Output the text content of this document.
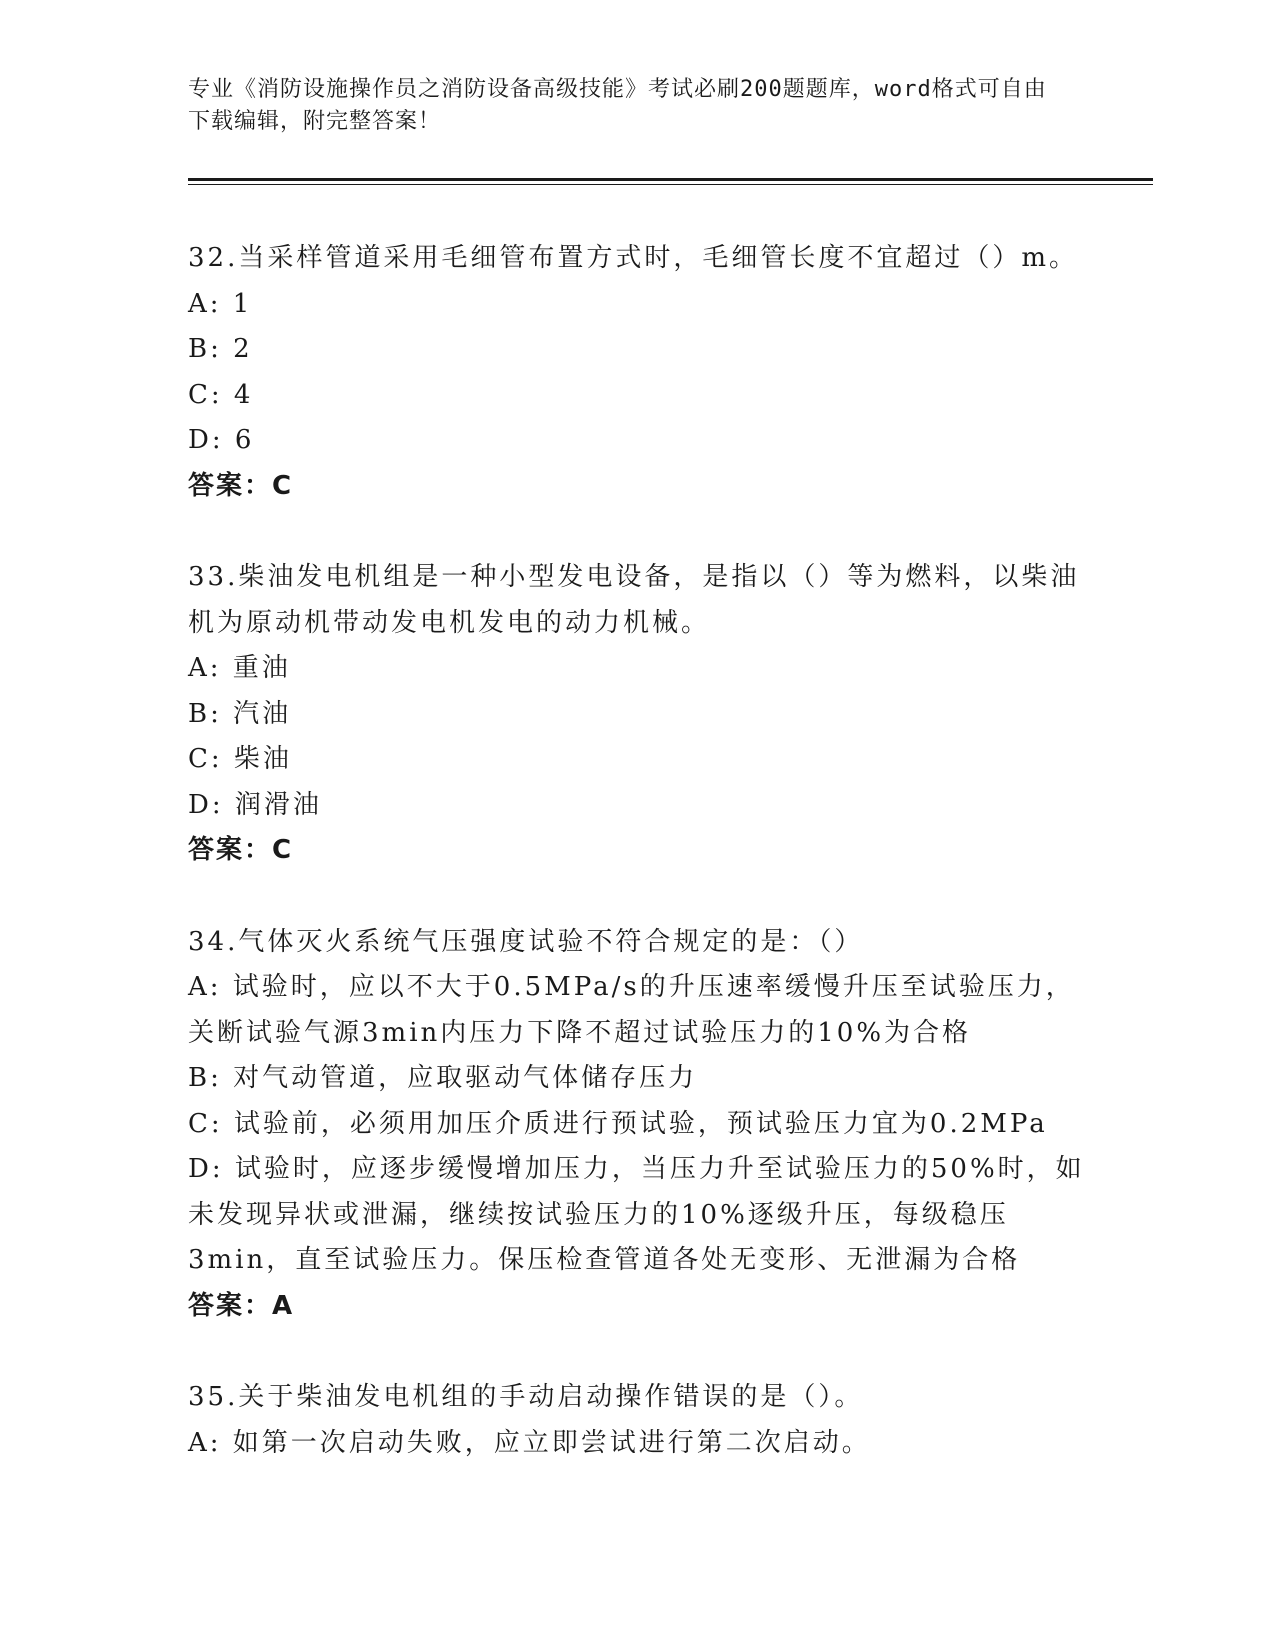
专业《消防设施操作员之消防设备高级技能》考试必刷200题题库，word格式可自由下载编辑，附完整答案！
32.当采样管道采用毛细管布置方式时，毛细管长度不宜超过（）m。
A: 1
B: 2
C: 4
D: 6
答案：C
33.柴油发电机组是一种小型发电设备，是指以（）等为燃料，以柴油机为原动机带动发电机发电的动力机械。
A: 重油
B: 汽油
C: 柴油
D: 润滑油
答案：C
34.气体灭火系统气压强度试验不符合规定的是：（）
A: 试验时，应以不大于0.5MPa/s的升压速率缓慢升压至试验压力，关断试验气源3min内压力下降不超过试验压力的10%为合格
B: 对气动管道，应取驱动气体储存压力
C: 试验前，必须用加压介质进行预试验，预试验压力宜为0.2MPa
D: 试验时，应逐步缓慢增加压力，当压力升至试验压力的50%时，如未发现异状或泄漏，继续按试验压力的10%逐级升压，每级稳压3min，直至试验压力。保压检查管道各处无变形、无泄漏为合格
答案：A
35.关于柴油发电机组的手动启动操作错误的是（）。
A: 如第一次启动失败，应立即尝试进行第二次启动。
